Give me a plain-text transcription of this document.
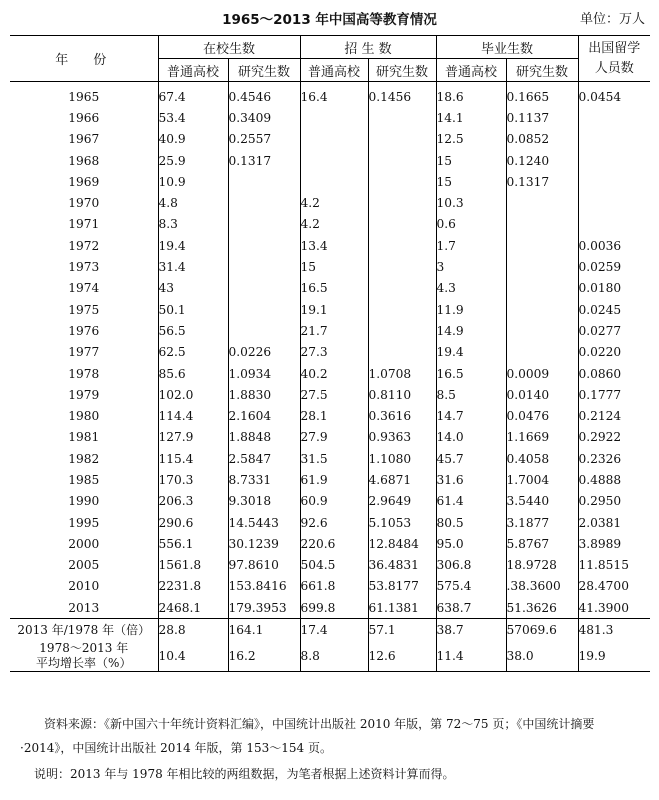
1965～2013 年中国高等教育情况	单位：万人
年　份	在校生数		招 生 数		毕业生数		出国留学人员数
	普通高校	研究生数	普通高校	研究生数	普通高校	研究生数	
1965	67.4	0.4546	16.4	0.1456	18.6	0.1665	0.0454
1966	53.4	0.3409			14.1	0.1137	
1967	40.9	0.2557			12.5	0.0852	
1968	25.9	0.1317			15	0.1240	
1969	10.9				15	0.1317	
1970	4.8		4.2		10.3		
1971	8.3		4.2		0.6		
1972	19.4		13.4		1.7		0.0036
1973	31.4		15		3		0.0259
1974	43		16.5		4.3		0.0180
1975	50.1		19.1		11.9		0.0245
1976	56.5		21.7		14.9		0.0277
1977	62.5	0.0226	27.3		19.4		0.0220
1978	85.6	1.0934	40.2	1.0708	16.5	0.0009	0.0860
1979	102.0	1.8830	27.5	0.8110	8.5	0.0140	0.1777
1980	114.4	2.1604	28.1	0.3616	14.7	0.0476	0.2124
1981	127.9	1.8848	27.9	0.9363	14.0	1.1669	0.2922
1982	115.4	2.5847	31.5	1.1080	45.7	0.4058	0.2326
1985	170.3	8.7331	61.9	4.6871	31.6	1.7004	0.4888
1990	206.3	9.3018	60.9	2.9649	61.4	3.5440	0.2950
1995	290.6	14.5443	92.6	5.1053	80.5	3.1877	2.0381
2000	556.1	30.1239	220.6	12.8484	95.0	5.8767	3.8989
2005	1561.8	97.8610	504.5	36.4831	306.8	18.9728	11.8515
2010	2231.8	153.8416	661.8	53.8177	575.4	.38.3600	28.4700
2013	2468.1	179.3953	699.8	61.1381	638.7	51.3626	41.3900
2013 年/1978 年（倍）	28.8	164.1	17.4	57.1	38.7	57069.6	481.3
1978～2013 年
平均增长率（%）	10.4	16.2	8.8	12.6	11.4	38.0	19.9
资料来源：《新中国六十年统计资料汇编》，中国统计出版社 2010 年版，第 72～75 页；《中国统计摘要·2014》，中国统计出版社 2014 年版，第 153～154 页。
说明：2013 年与 1978 年相比较的两组数据，为笔者根据上述资料计算而得。
